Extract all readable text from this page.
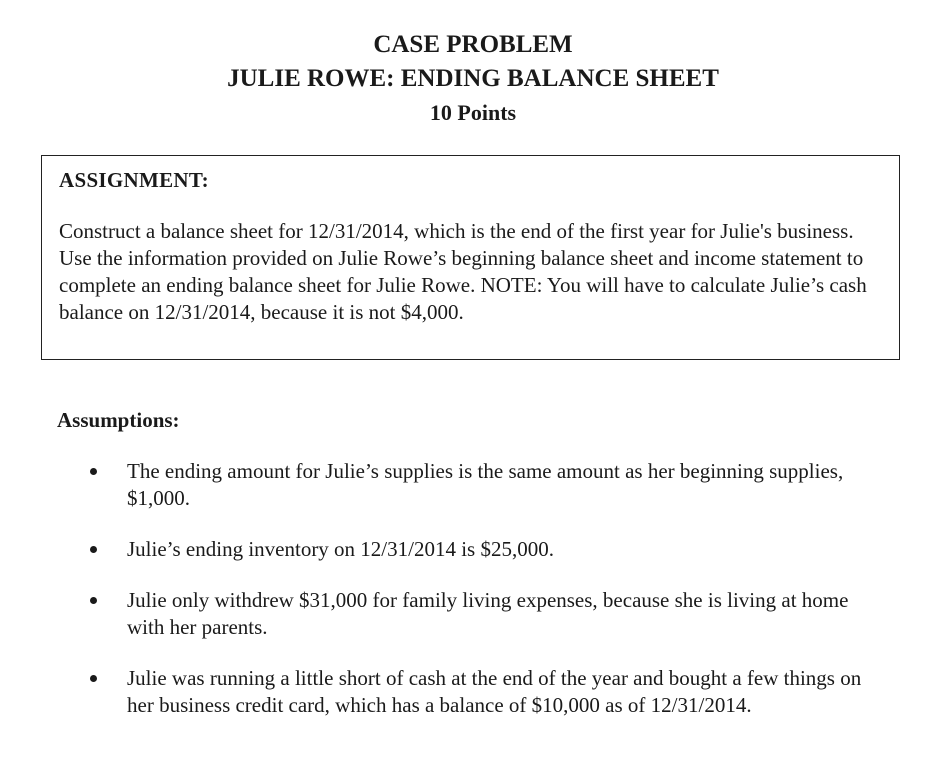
CASE PROBLEM
JULIE ROWE: ENDING BALANCE SHEET
10 Points
ASSIGNMENT:
Construct a balance sheet for 12/31/2014, which is the end of the first year for Julie's business. Use the information provided on Julie Rowe’s beginning balance sheet and income statement to complete an ending balance sheet for Julie Rowe. NOTE: You will have to calculate Julie’s cash balance on 12/31/2014, because it is not $4,000.
Assumptions:
The ending amount for Julie’s supplies is the same amount as her beginning supplies, $1,000.
Julie’s ending inventory on 12/31/2014 is $25,000.
Julie only withdrew $31,000 for family living expenses, because she is living at home with her parents.
Julie was running a little short of cash at the end of the year and bought a few things on her business credit card, which has a balance of $10,000 as of 12/31/2014.
